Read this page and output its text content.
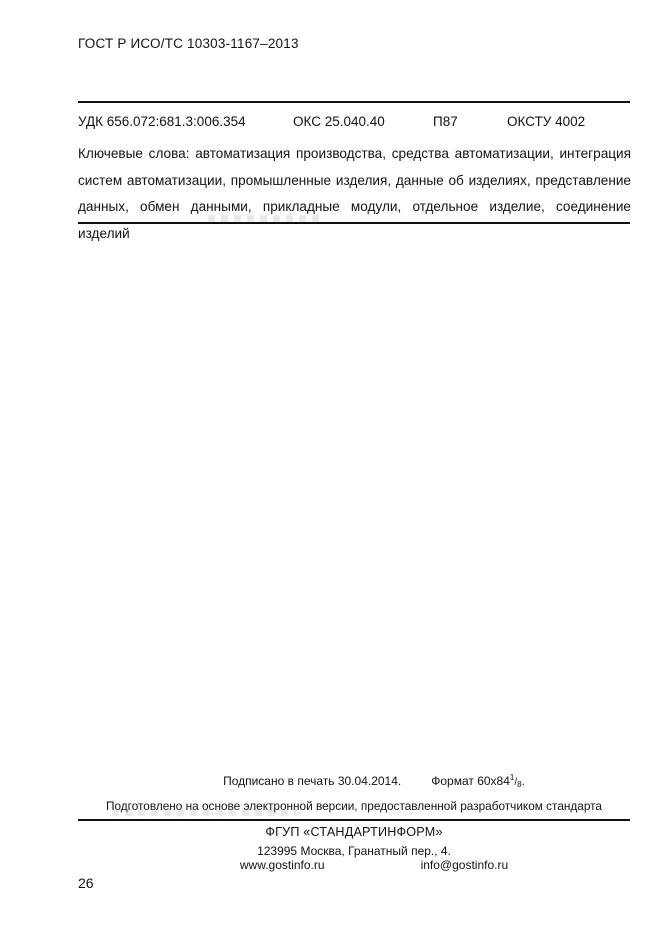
ГОСТ Р ИСО/ТС 10303-1167–2013
УДК 656.072:681.3:006.354	ОКС 25.040.40	П87	ОКСТУ 4002
Ключевые слова: автоматизация производства, средства автоматизации, интеграция систем автоматизации, промышленные изделия, данные об изделиях, представление данных, обмен данными, прикладные модули, отдельное изделие, соединение изделий
Подписано в печать 30.04.2014.	Формат $60х84^1/8$.
Подготовлено на основе электронной версии, предоставленной разработчиком стандарта
ФГУП «СТАНДАРТИНФОРМ»
123995 Москва, Гранатный пер., 4.
www.gostinfo.ru	info@gostinfo.ru
26
